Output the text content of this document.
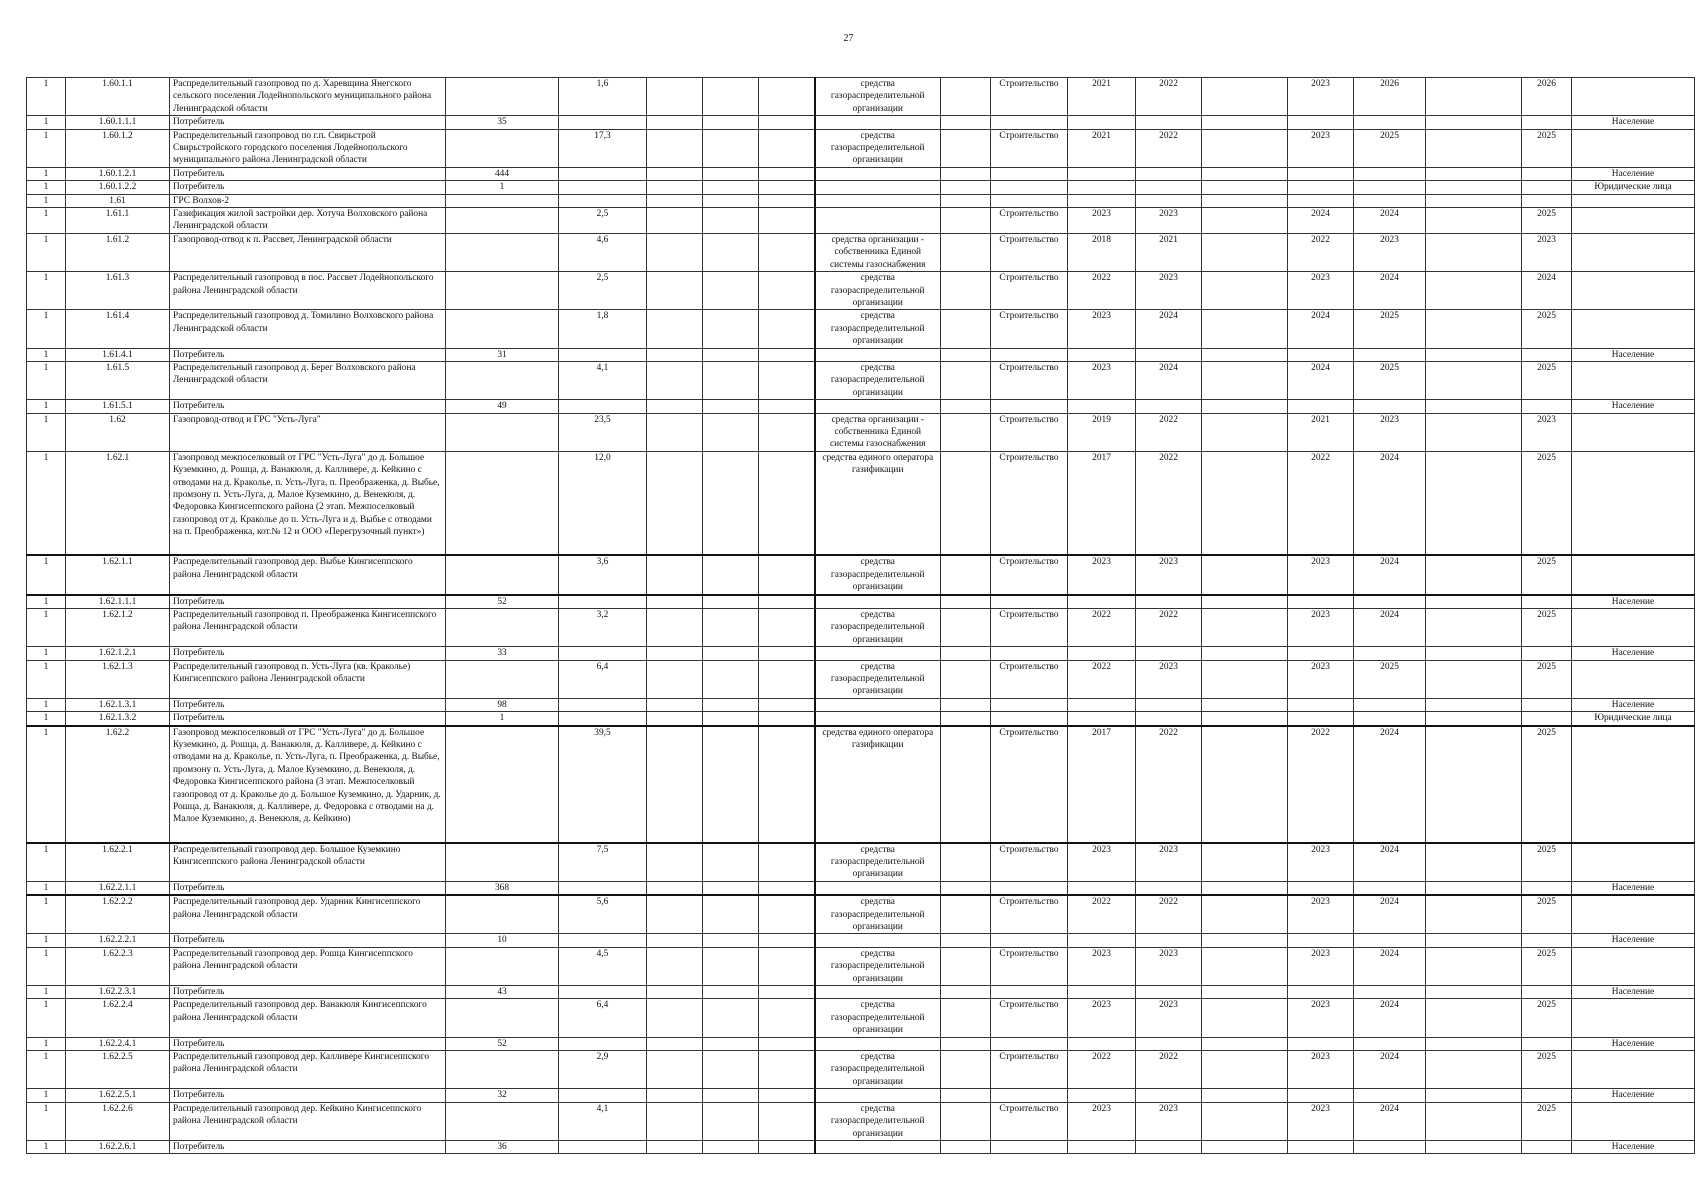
27
1	1.60.1.1	Распределительный газопровод по д. Харевщина Янегского сельского поселения Лодейнопольского муниципального района Ленинградской области		1,6				средства газораспределительной организации		Строительство	2021	2022		2023	2026		2026	
1	1.60.1.1.1	Потребитель	35															Население
1	1.60.1.2	Распределительный газопровод по г.п. Свирьстрой Свирьстройского городского поселения Лодейнопольского муниципального района Ленинградской области		17,3				средства газораспределительной организации		Строительство	2021	2022		2023	2025		2025	
1	1.60.1.2.1	Потребитель	444															Население
1	1.60.1.2.2	Потребитель	1															Юридические лица
1	1.61	ГРС Волхов-2																
1	1.61.1	Газификация жилой застройки дер. Хотуча Волховского района Ленинградской области		2,5						Строительство	2023	2023		2024	2024		2025	
1	1.61.2	Газопровод-отвод к п. Рассвет, Ленинградской области		4,6				средства организации - собственника Единой системы газоснабжения		Строительство	2018	2021		2022	2023		2023	
1	1.61.3	Распределительный газопровод в пос. Рассвет Лодейнопольского района Ленинградской области		2,5				средства газораспределительной организации		Строительство	2022	2023		2023	2024		2024	
1	1.61.4	Распределительный газопровод д. Томилино Волховского района Ленинградской области		1,8				средства газораспределительной организации		Строительство	2023	2024		2024	2025		2025	
1	1.61.4.1	Потребитель	31															Население
1	1.61.5	Распределительный газопровод д. Берег Волховского района Ленинградской области		4,1				средства газораспределительной организации		Строительство	2023	2024		2024	2025		2025	
1	1.61.5.1	Потребитель	49															Население
1	1.62	Газопровод-отвод и ГРС "Усть-Луга"		23,5				средства организации - собственника Единой системы газоснабжения		Строительство	2019	2022		2021	2023		2023	
1	1.62.1	Газопровод межпоселковый от ГРС "Усть-Луга" до д. Большое Куземкино, д. Рошца, д. Ванакюля, д. Калливере, д. Кейкино с отводами на д. Краколье, п. Усть-Луга, п. Преображенка, д. Выбье, промзону п. Усть-Луга, д. Малое Куземкино, д. Венекюля, д. Федоровка Кингисеппского района (2 этап. Межпоселковый газопровод от д. Краколье до п. Усть-Луга и д. Выбье с отводами на п. Преображенка, кот.№ 12 и ООО «Перегрузочный пункт»)		12,0				средства единого оператора газификации		Строительство	2017	2022		2022	2024		2025	
1	1.62.1.1	Распределительный газопровод дер. Выбье Кингисеппского района Ленинградской области		3,6				средства газораспределительной организации		Строительство	2023	2023		2023	2024		2025	
1	1.62.1.1.1	Потребитель	52															Население
1	1.62.1.2	Распределительный газопровод п. Преображенка Кингисеппского района Ленинградской области		3,2				средства газораспределительной организации		Строительство	2022	2022		2023	2024		2025	
1	1.62.1.2.1	Потребитель	33															Население
1	1.62.1.3	Распределительный газопровод п. Усть-Луга (кв. Краколье) Кингисеппского района Ленинградской области		6,4				средства газораспределительной организации		Строительство	2022	2023		2023	2025		2025	
1	1.62.1.3.1	Потребитель	98															Население
1	1.62.1.3.2	Потребитель	1															Юридические лица
1	1.62.2	Газопровод межпоселковый от ГРС "Усть-Луга" до д. Большое Куземкино, д. Рошца, д. Ванакюля, д. Калливере, д. Кейкино с отводами на д. Краколье, п. Усть-Луга, п. Преображенка, д. Выбье, промзону п. Усть-Луга, д. Малое Куземкино, д. Венекюля, д. Федоровка Кингисеппского района (3 этап. Межпоселковый газопровод от д. Краколье до д. Большое Куземкино, д. Ударник, д. Рошца, д. Ванакюля, д. Калливере, д. Федоровка с отводами на д. Малое Куземкино, д. Венекюля, д. Кейкино)		39,5				средства единого оператора газификации		Строительство	2017	2022		2022	2024		2025	
1	1.62.2.1	Распределительный газопровод дер. Большое Куземкино Кингисеппского района Ленинградской области		7,5				средства газораспределительной организации		Строительство	2023	2023		2023	2024		2025	
1	1.62.2.1.1	Потребитель	368															Население
1	1.62.2.2	Распределительный газопровод дер. Ударник Кингисеппского района Ленинградской области		5,6				средства газораспределительной организации		Строительство	2022	2022		2023	2024		2025	
1	1.62.2.2.1	Потребитель	10															Население
1	1.62.2.3	Распределительный газопровод дер. Рошца Кингисеппского района Ленинградской области		4,5				средства газораспределительной организации		Строительство	2023	2023		2023	2024		2025	
1	1.62.2.3.1	Потребитель	43															Население
1	1.62.2.4	Распределительный газопровод дер. Ванакюля Кингисеппского района Ленинградской области		6,4				средства газораспределительной организации		Строительство	2023	2023		2023	2024		2025	
1	1.62.2.4.1	Потребитель	52															Население
1	1.62.2.5	Распределительный газопровод дер. Калливере Кингисеппского района Ленинградской области		2,9				средства газораспределительной организации		Строительство	2022	2022		2023	2024		2025	
1	1.62.2.5.1	Потребитель	32															Население
1	1.62.2.6	Распределительный газопровод дер. Кейкино Кингисеппского района Ленинградской области		4,1				средства газораспределительной организации		Строительство	2023	2023		2023	2024		2025	
1	1.62.2.6.1	Потребитель	36															Население
